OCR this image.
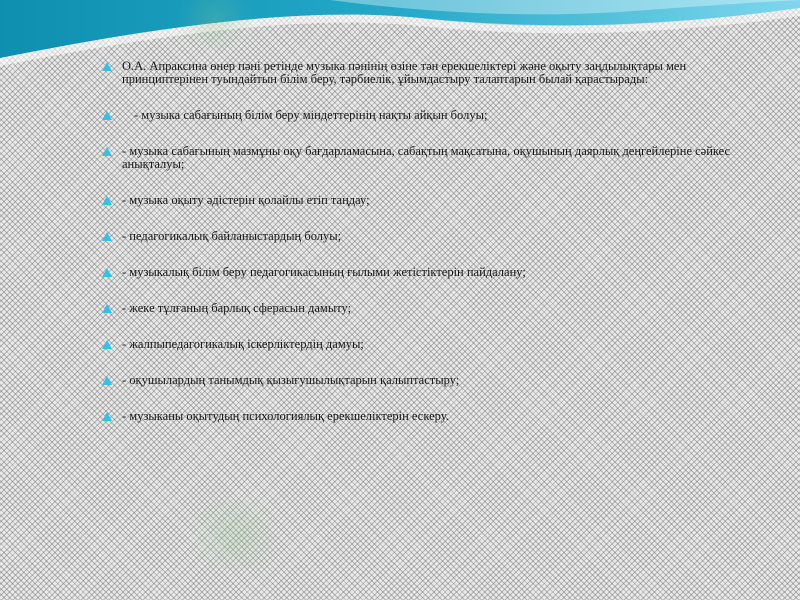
О.А. Апраксина өнер пәні ретінде музыка пәнінің өзіне тән ерекшеліктері және оқыту заңдылықтары мен принциптерінен туындайтын білім беру, тәрбиелік, ұйымдастыру талаптарын былай қарастырады:
- музыка сабағының білім беру міндеттерінің нақты айқын болуы;
- музыка сабағының мазмұны оқу бағдарламасына, сабақтың мақсатына, оқушының даярлық деңгейлеріне сәйкес анықталуы;
- музыка оқыту әдістерін қолайлы етіп таңдау;
- педагогикалық байланыстардың болуы;
- музыкалық білім беру педагогикасының ғылыми жетістіктерін пайдалану;
- жеке тұлғаның барлық сферасын дамыту;
- жалпыпедагогикалық іскерліктердің дамуы;
- оқушылардың танымдық қызығушылықтарын қалыптастыру;
- музыканы оқытудың психологиялық ерекшеліктерін ескеру.
